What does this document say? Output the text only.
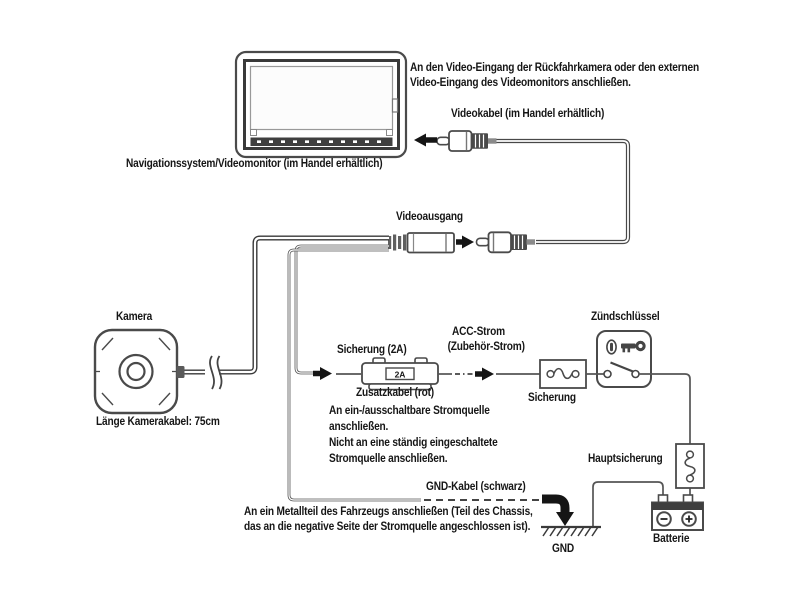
2A
Navigationssystem/Videomonitor (im Handel erhältlich)
An den Video-Eingang der Rückfahrkamera oder den externen
Video-Eingang des Videomonitors anschließen.
Videokabel (im Handel erhältlich)
Videoausgang
Kamera
Länge Kamerakabel: 75cm
Sicherung (2A)
Zusatzkabel (rot)
ACC-Strom
(Zubehör-Strom)
An ein-/ausschaltbare Stromquelle
anschließen.
Nicht an eine ständig eingeschaltete
Stromquelle anschließen.
Sicherung
Zündschlüssel
GND-Kabel (schwarz)
An ein Metallteil des Fahrzeugs anschließen (Teil des Chassis,
das an die negative Seite der Stromquelle angeschlossen ist).
GND
Hauptsicherung
Batterie
